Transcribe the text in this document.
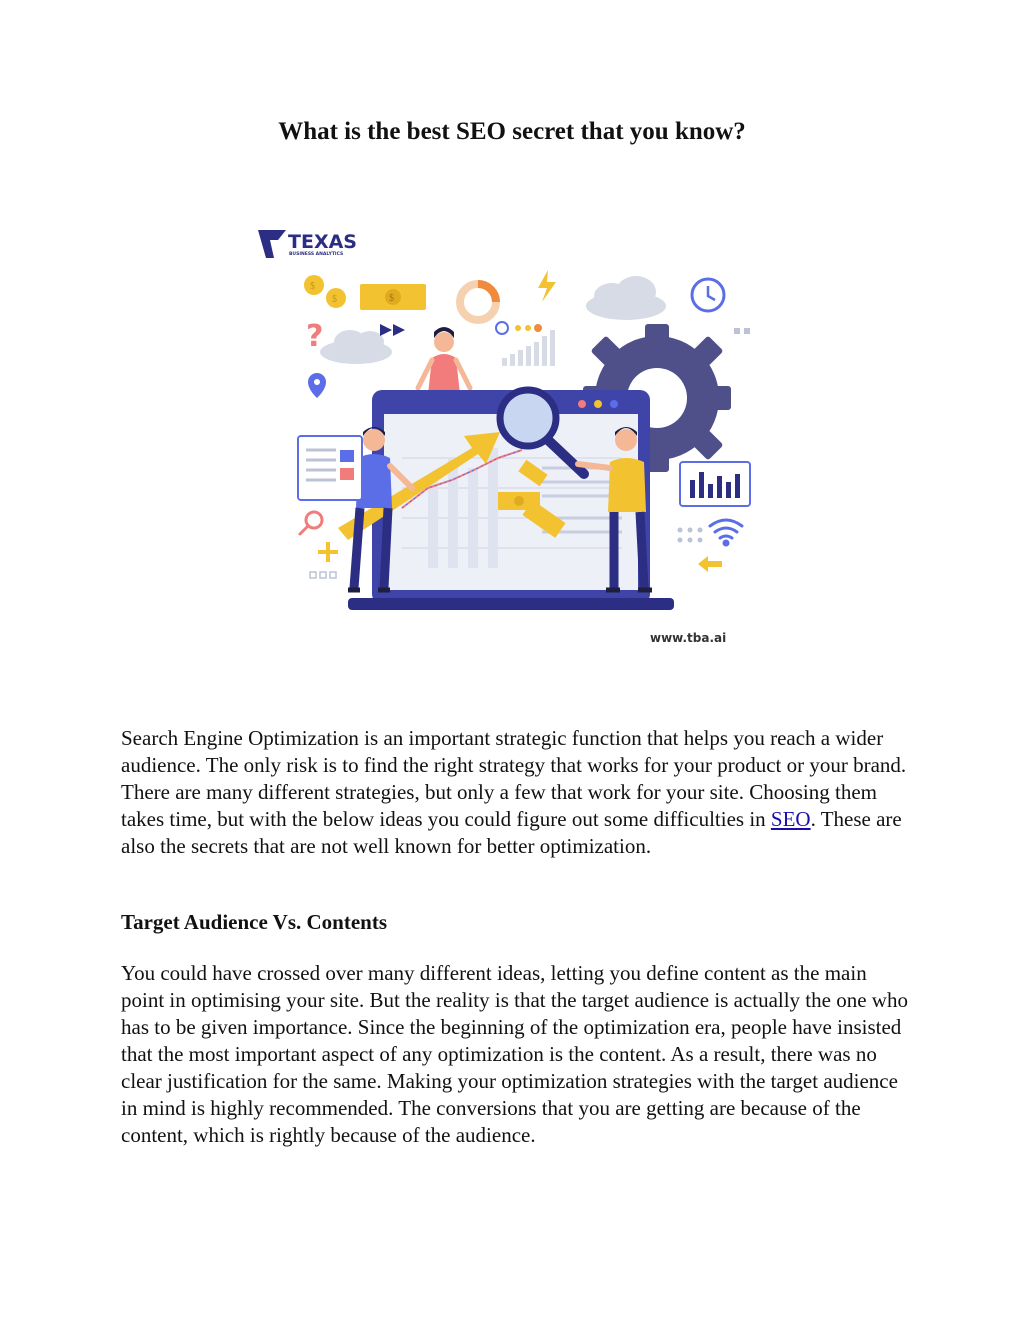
What is the best SEO secret that you know?
TEXAS
BUSINESS ANALYTICS
$
$	$
?
www.tba.ai

Search Engine Optimization is an important strategic function that helps you reach a wider audience. The only risk is to find the right strategy that works for your product or your brand. There are many different strategies, but only a few that work for your site. Choosing them takes time, but with the below ideas you could figure out some difficulties in SEO. These are also the secrets that are not well known for better optimization.

Target Audience Vs. Contents

You could have crossed over many different ideas, letting you define content as the main point in optimising your site. But the reality is that the target audience is actually the one who has to be given importance. Since the beginning of the optimization era, people have insisted that the most important aspect of any optimization is the content. As a result, there was no clear justification for the same. Making your optimization strategies with the target audience in mind is highly recommended. The conversions that you are getting are because of the content, which is rightly because of the audience.
